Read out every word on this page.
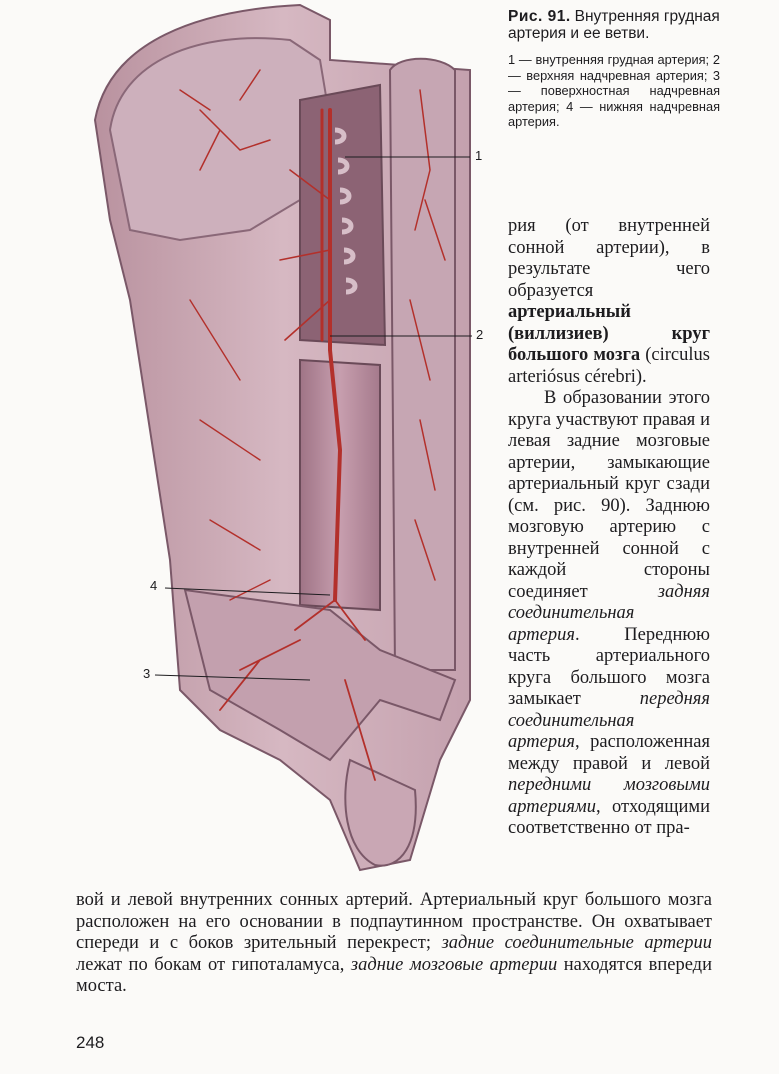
1
2
4
3

Рис. 91. Внутренняя грудная артерия и ее ветви.

1 — внутренняя грудная артерия; 2 — верхняя надчревная артерия; 3 — поверхностная надчревная артерия; 4 — нижняя надчревная артерия.

рия (от внутренней сонной артерии), в результате чего образуется артериальный (виллизиев) круг большого мозга (circulus arteriósus cérebri).

В образовании этого круга участвуют правая и левая задние мозговые артерии, замыкающие артериальный круг сзади (см. рис. 90). Заднюю мозговую артерию с внутренней сонной с каждой стороны соединяет задняя соединительная артерия. Переднюю часть артериального круга большого мозга замыкает передняя соединительная артерия, расположенная между правой и левой передними мозговыми артериями, отходящими соответственно от пра-

вой и левой внутренних сонных артерий. Артериальный круг большого мозга расположен на его основании в подпаутинном пространстве. Он охватывает спереди и с боков зрительный перекрест; задние соединительные артерии лежат по бокам от гипоталамуса, задние мозговые артерии находятся впереди моста.

248
